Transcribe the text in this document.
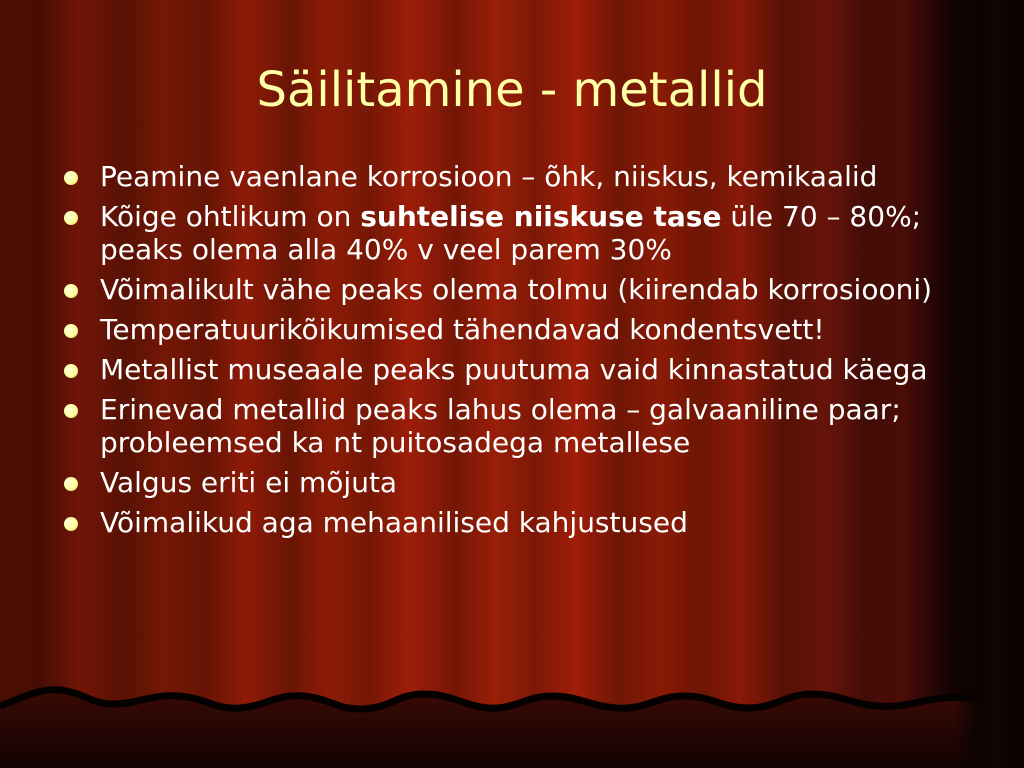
Säilitamine - metallid
Peamine vaenlane korrosioon – õhk, niiskus, kemikaalid
Kõige ohtlikum on suhtelise niiskuse tase üle 70 – 80%; peaks olema alla 40% v veel parem 30%
Võimalikult vähe peaks olema tolmu (kiirendab korrosiooni)
Temperatuurikõikumised tähendavad kondentsvett!
Metallist museaale peaks puutuma vaid kinnastatud käega
Erinevad metallid peaks lahus olema – galvaaniline paar; probleemsed ka nt puitosadega metallese
Valgus eriti ei mõjuta
Võimalikud aga mehaanilised kahjustused
